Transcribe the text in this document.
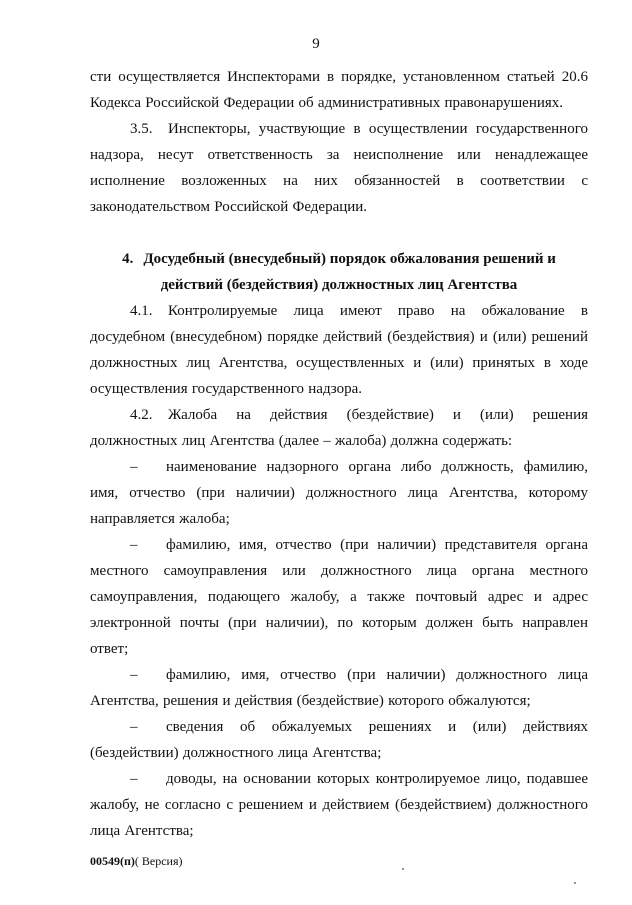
9

сти осуществляется Инспекторами в порядке, установленном статьей 20.6 Кодекса Российской Федерации об административных правонарушениях.

3.5. Инспекторы, участвующие в осуществлении государственного надзора, несут ответственность за неисполнение или ненадлежащее исполнение возложенных на них обязанностей в соответствии с законодательством Российской Федерации.

4. Досудебный (внесудебный) порядок обжалования решений и действий (бездействия) должностных лиц Агентства

4.1. Контролируемые лица имеют право на обжалование в досудебном (внесудебном) порядке действий (бездействия) и (или) решений должностных лиц Агентства, осуществленных и (или) принятых в ходе осуществления государственного надзора.

4.2. Жалоба на действия (бездействие) и (или) решения должностных лиц Агентства (далее – жалоба) должна содержать:

– наименование надзорного органа либо должность, фамилию, имя, отчество (при наличии) должностного лица Агентства, которому направляется жалоба;

– фамилию, имя, отчество (при наличии) представителя органа местного самоуправления или должностного лица органа местного самоуправления, подающего жалобу, а также почтовый адрес и адрес электронной почты (при наличии), по которым должен быть направлен ответ;

– фамилию, имя, отчество (при наличии) должностного лица Агентства, решения и действия (бездействие) которого обжалуются;

– сведения об обжалуемых решениях и (или) действиях (бездействии) должностного лица Агентства;

– доводы, на основании которых контролируемое лицо, подавшее жалобу, не согласно с решением и действием (бездействием) должностного лица Агентства;

00549(п)( Версия)
